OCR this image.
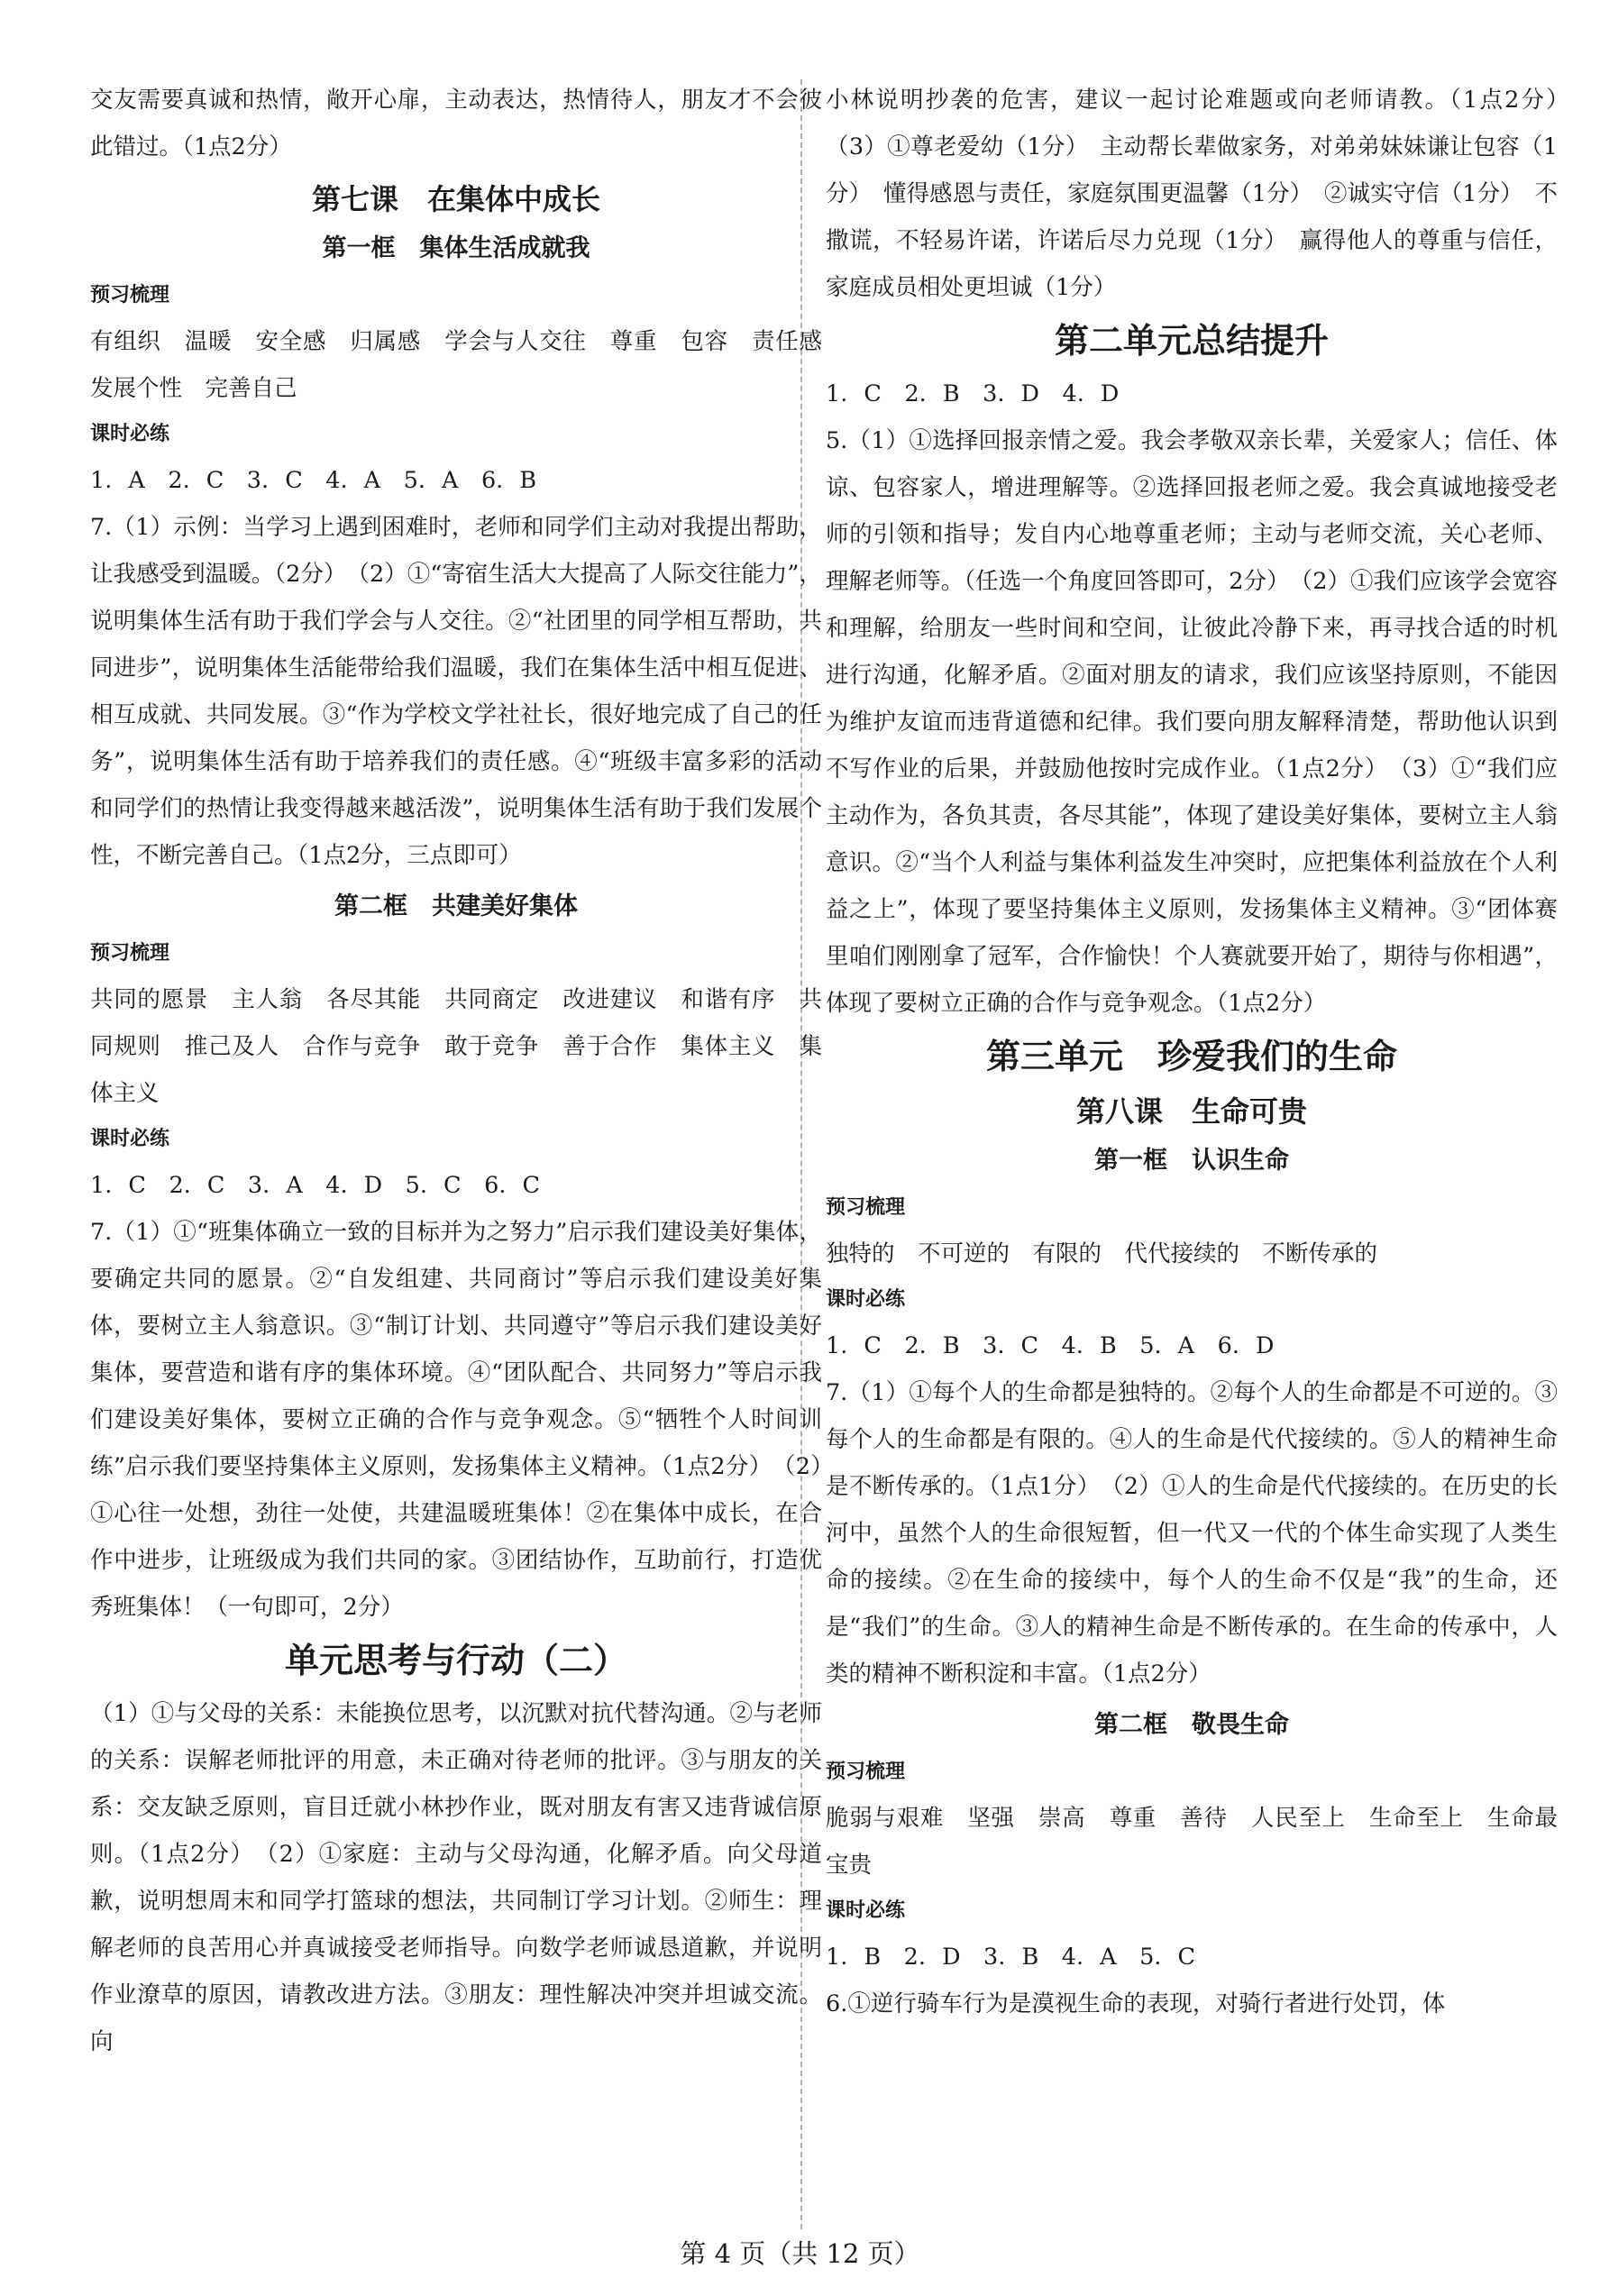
交友需要真诚和热情，敞开心扉，主动表达，热情待人，朋友才不会彼此错过。（1点2分）

第七课　在集体中成长

第一框　集体生活成就我

预习梳理

有组织　温暖　安全感　归属感　学会与人交往　尊重　包容　责任感　发展个性　完善自己

课时必练

1. A　2. C　3. C　4. A　5. A　6. B

7.（1）示例：当学习上遇到困难时，老师和同学们主动对我提出帮助，让我感受到温暖。（2分）　（2）①“寄宿生活大大提高了人际交往能力”，说明集体生活有助于我们学会与人交往。②“社团里的同学相互帮助，共同进步”，说明集体生活能带给我们温暖，我们在集体生活中相互促进、相互成就、共同发展。③“作为学校文学社社长，很好地完成了自己的任务”，说明集体生活有助于培养我们的责任感。④“班级丰富多彩的活动和同学们的热情让我变得越来越活泼”，说明集体生活有助于我们发展个性，不断完善自己。（1点2分，三点即可）

第二框　共建美好集体

预习梳理

共同的愿景　主人翁　各尽其能　共同商定　改进建议　和谐有序　共同规则　推己及人　合作与竞争　敢于竞争　善于合作　集体主义　集体主义

课时必练

1. C　2. C　3. A　4. D　5. C　6. C

7.（1）①“班集体确立一致的目标并为之努力”启示我们建设美好集体，要确定共同的愿景。②“自发组建、共同商讨”等启示我们建设美好集体，要树立主人翁意识。③“制订计划、共同遵守”等启示我们建设美好集体，要营造和谐有序的集体环境。④“团队配合、共同努力”等启示我们建设美好集体，要树立正确的合作与竞争观念。⑤“牺牲个人时间训练”启示我们要坚持集体主义原则，发扬集体主义精神。（1点2分）　（2）①心往一处想，劲往一处使，共建温暖班集体！②在集体中成长，在合作中进步，让班级成为我们共同的家。③团结协作，互助前行，打造优秀班集体！（一句即可，2分）

单元思考与行动（二）

（1）①与父母的关系：未能换位思考，以沉默对抗代替沟通。②与老师的关系：误解老师批评的用意，未正确对待老师的批评。③与朋友的关系：交友缺乏原则，盲目迁就小林抄作业，既对朋友有害又违背诚信原则。（1点2分）　（2）①家庭：主动与父母沟通，化解矛盾。向父母道歉，说明想周末和同学打篮球的想法，共同制订学习计划。②师生：理解老师的良苦用心并真诚接受老师指导。向数学老师诚恳道歉，并说明作业潦草的原因，请教改进方法。③朋友：理性解决冲突并坦诚交流。向

小林说明抄袭的危害，建议一起讨论难题或向老师请教。（1点2分）　（3）①尊老爱幼（1分）　主动帮长辈做家务，对弟弟妹妹谦让包容（1分）　懂得感恩与责任，家庭氛围更温馨（1分）　②诚实守信（1分）　不撒谎，不轻易许诺，许诺后尽力兑现（1分）　赢得他人的尊重与信任，家庭成员相处更坦诚（1分）

第二单元总结提升

1. C　2. B　3. D　4. D

5.（1）①选择回报亲情之爱。我会孝敬双亲长辈，关爱家人；信任、体谅、包容家人，增进理解等。②选择回报老师之爱。我会真诚地接受老师的引领和指导；发自内心地尊重老师；主动与老师交流，关心老师、理解老师等。（任选一个角度回答即可，2分）　（2）①我们应该学会宽容和理解，给朋友一些时间和空间，让彼此冷静下来，再寻找合适的时机进行沟通，化解矛盾。②面对朋友的请求，我们应该坚持原则，不能因为维护友谊而违背道德和纪律。我们要向朋友解释清楚，帮助他认识到不写作业的后果，并鼓励他按时完成作业。（1点2分）　（3）①“我们应主动作为，各负其责，各尽其能”，体现了建设美好集体，要树立主人翁意识。②“当个人利益与集体利益发生冲突时，应把集体利益放在个人利益之上”，体现了要坚持集体主义原则，发扬集体主义精神。③“团体赛里咱们刚刚拿了冠军，合作愉快！个人赛就要开始了，期待与你相遇”，体现了要树立正确的合作与竞争观念。（1点2分）

第三单元　珍爱我们的生命

第八课　生命可贵

第一框　认识生命

预习梳理

独特的　不可逆的　有限的　代代接续的　不断传承的

课时必练

1. C　2. B　3. C　4. B　5. A　6. D

7.（1）①每个人的生命都是独特的。②每个人的生命都是不可逆的。③每个人的生命都是有限的。④人的生命是代代接续的。⑤人的精神生命是不断传承的。（1点1分）　（2）①人的生命是代代接续的。在历史的长河中，虽然个人的生命很短暂，但一代又一代的个体生命实现了人类生命的接续。②在生命的接续中，每个人的生命不仅是“我”的生命，还是“我们”的生命。③人的精神生命是不断传承的。在生命的传承中，人类的精神不断积淀和丰富。（1点2分）

第二框　敬畏生命

预习梳理

脆弱与艰难　坚强　崇高　尊重　善待　人民至上　生命至上　生命最宝贵

课时必练

1. B　2. D　3. B　4. A　5. C

6.①逆行骑车行为是漠视生命的表现，对骑行者进行处罚，体

第 4 页（共 12 页）
